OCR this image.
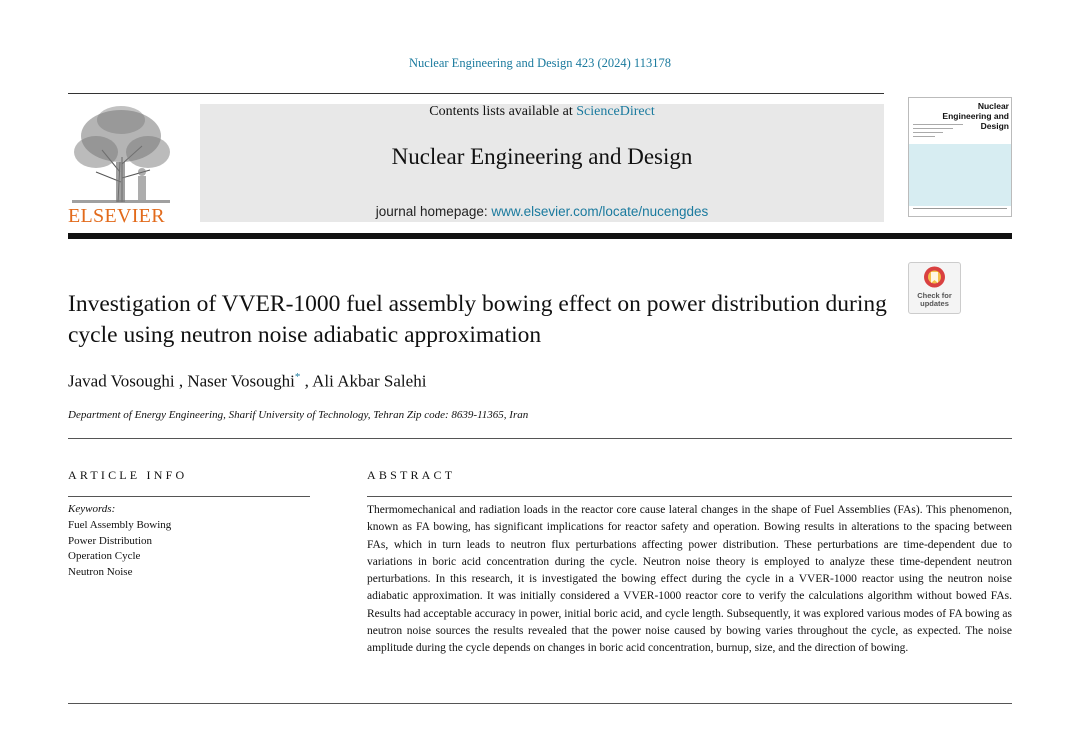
Nuclear Engineering and Design 423 (2024) 113178
ELSEVIER
Contents lists available at ScienceDirect
Nuclear Engineering and Design
journal homepage: www.elsevier.com/locate/nucengdes
Nuclear Engineering and Design
Check for updates
Investigation of VVER-1000 fuel assembly bowing effect on power distribution during cycle using neutron noise adiabatic approximation
Javad Vosoughi , Naser Vosoughi* , Ali Akbar Salehi
Department of Energy Engineering, Sharif University of Technology, Tehran Zip code: 8639-11365, Iran
ARTICLE INFO
Keywords:
Fuel Assembly Bowing
Power Distribution
Operation Cycle
Neutron Noise
ABSTRACT
Thermomechanical and radiation loads in the reactor core cause lateral changes in the shape of Fuel Assemblies (FAs). This phenomenon, known as FA bowing, has significant implications for reactor safety and operation. Bowing results in alterations to the spacing between FAs, which in turn leads to neutron flux perturbations affecting power distribution. These perturbations are time-dependent due to variations in boric acid concentration during the cycle. Neutron noise theory is employed to analyze these time-dependent neutron perturbations. In this research, it is investigated the bowing effect during the cycle in a VVER-1000 reactor using the neutron noise adiabatic approximation. It was initially considered a VVER-1000 reactor core to verify the calculations algorithm without bowed FAs. Results had acceptable accuracy in power, initial boric acid, and cycle length. Subsequently, it was explored various modes of FA bowing as neutron noise sources the results revealed that the power noise caused by bowing varies throughout the cycle, as expected. The noise amplitude during the cycle depends on changes in boric acid concentration, burnup, size, and the direction of bowing.
